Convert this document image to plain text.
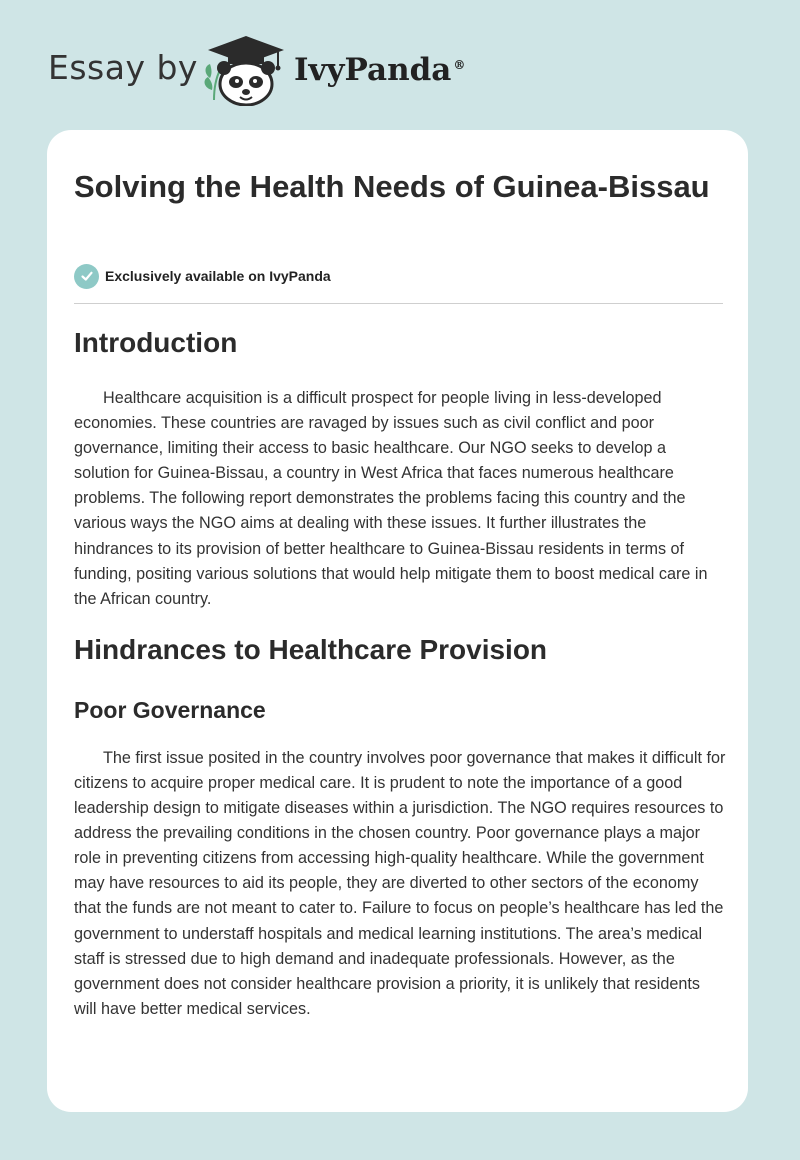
Essay by	IvyPanda ®
Solving the Health Needs of Guinea-Bissau
Exclusively available on IvyPanda
Introduction

Healthcare acquisition is a difficult prospect for people living in less-developed economies. These countries are ravaged by issues such as civil conflict and poor governance, limiting their access to basic healthcare. Our NGO seeks to develop a solution for Guinea-Bissau, a country in West Africa that faces numerous healthcare problems. The following report demonstrates the problems facing this country and the various ways the NGO aims at dealing with these issues. It further illustrates the hindrances to its provision of better healthcare to Guinea-Bissau residents in terms of funding, positing various solutions that would help mitigate them to boost medical care in the African country.

Hindrances to Healthcare Provision
Poor Governance

The first issue posited in the country involves poor governance that makes it difficult for citizens to acquire proper medical care. It is prudent to note the importance of a good leadership design to mitigate diseases within a jurisdiction. The NGO requires resources to address the prevailing conditions in the chosen country. Poor governance plays a major role in preventing citizens from accessing high-quality healthcare. While the government may have resources to aid its people, they are diverted to other sectors of the economy that the funds are not meant to cater to. Failure to focus on people’s healthcare has led the government to understaff hospitals and medical learning institutions. The area’s medical staff is stressed due to high demand and inadequate professionals. However, as the government does not consider healthcare provision a priority, it is unlikely that residents will have better medical services.
